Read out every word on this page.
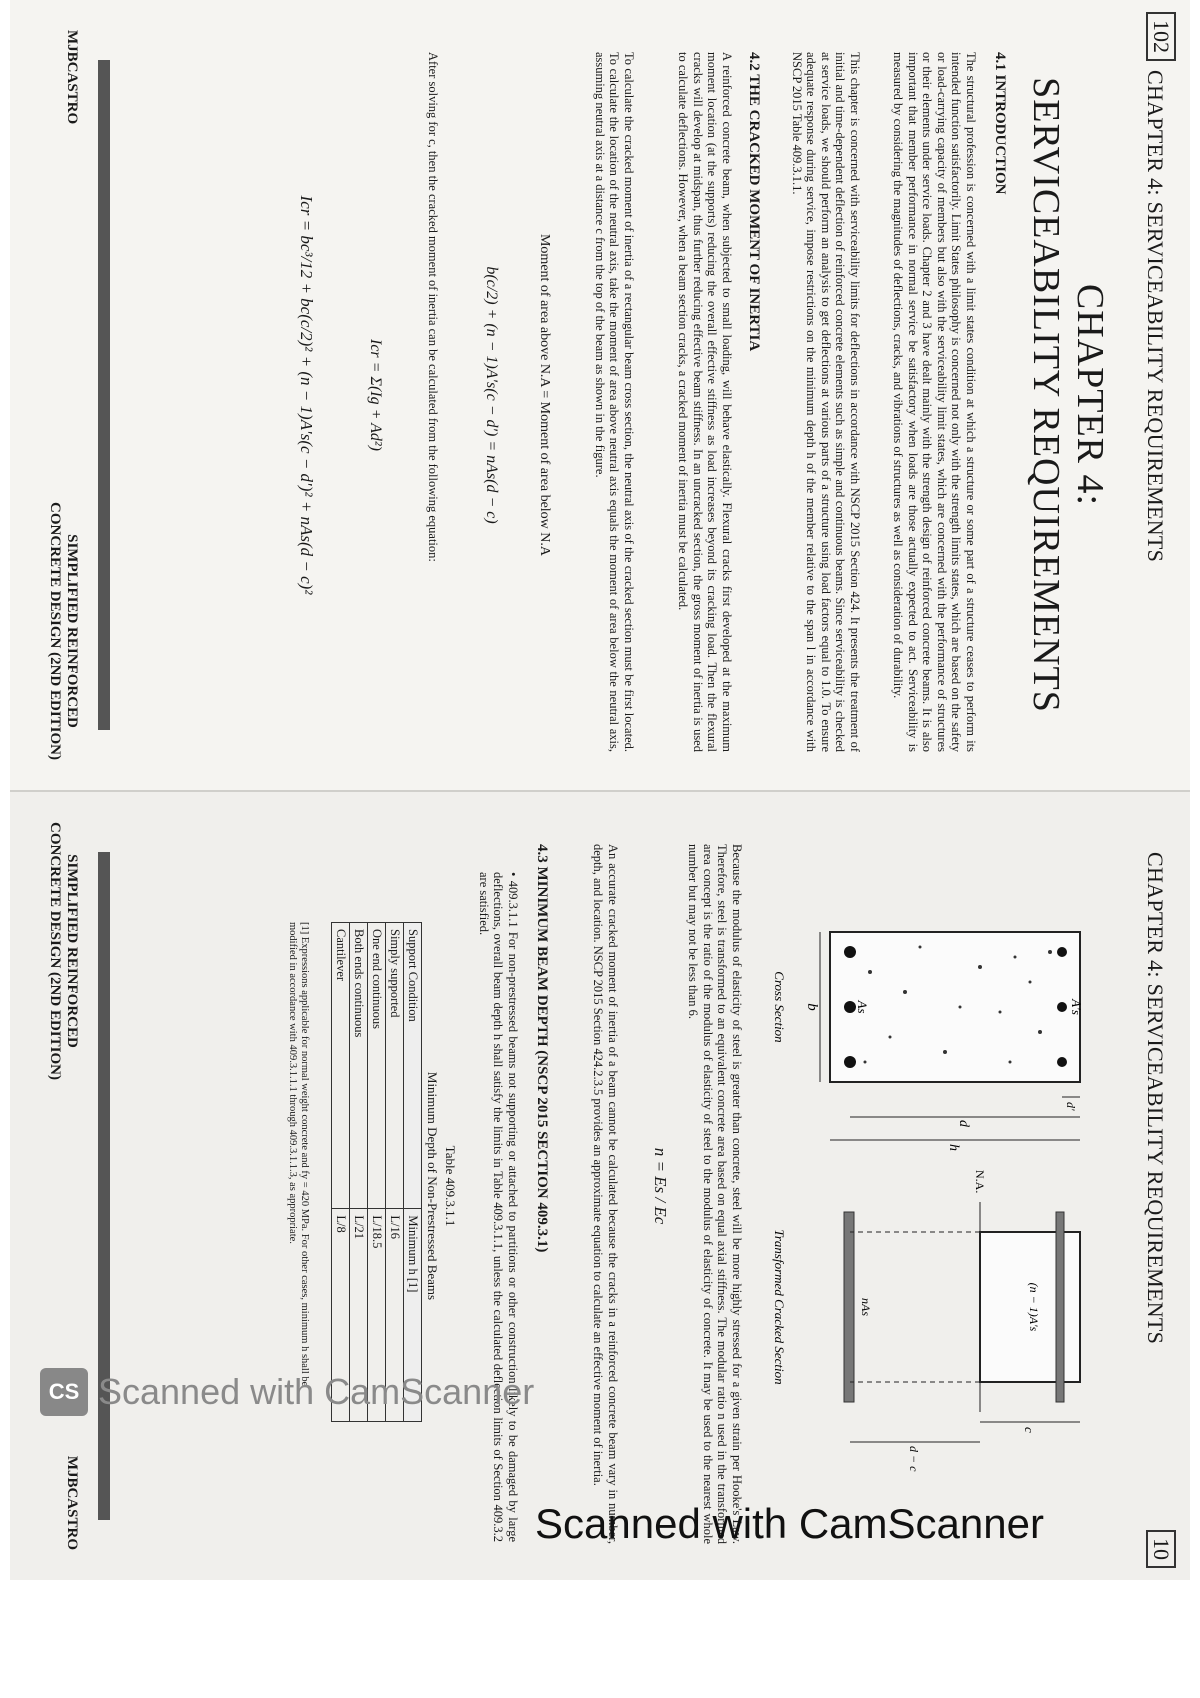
102
CHAPTER 4: SERVICEABILITY REQUIREMENTS
CHAPTER 4:
SERVICEABILITY REQUIREMENTS
4.1 INTRODUCTION
The structural profession is concerned with a limit states condition at which a structure or some part of a structure ceases to perform its intended function satisfactorily. Limit States philosophy is concerned not only with the strength limits states, which are based on the safety or load-carrying capacity of members but also with the serviceability limit states, which are concerned with the performance of structures or their elements under service loads. Chapter 2 and 3 have dealt mainly with the strength design of reinforced concrete beams. It is also important that member performance in normal service be satisfactory when loads are those actually expected to act. Serviceability is measured by considering the magnitudes of deflections, cracks, and vibrations of structures as well as consideration of durability.
This chapter is concerned with serviceability limits for deflections in accordance with NSCP 2015 Section 424. It presents the treatment of initial and time-dependent deflection of reinforced concrete elements such as simple and continuous beams. Since serviceability is checked at service loads, we should perform an analysis to get deflections at various parts of a structure using load factors equal to 1.0. To ensure adequate response during service, impose restrictions on the minimum depth h of the member relative to the span l in accordance with NSCP 2015 Table 409.3.1.1.
4.2 THE CRACKED MOMENT OF INERTIA
A reinforced concrete beam, when subjected to small loading, will behave elastically. Flexural cracks first developed at the maximum moment location (at the supports) reducing the overall effective stiffness as load increases beyond its cracking load. Then the flexural cracks will develop at midspan, thus further reducing effective beam stiffness. In an uncracked section, the gross moment of inertia is used to calculate deflections. However, when a beam section cracks, a cracked moment of inertia must be calculated.
To calculate the cracked moment of inertia of a rectangular beam cross section, the neutral axis of the cracked section must be first located. To calculate the location of the neutral axis, take the moment of area above neutral axis equals the moment of area below the neutral axis, assuming neutral axis at a distance c from the top of the beam as shown in the figure.
Moment of area above N.A = Moment of area below N.A
b(c/2) + (n − 1)A′s(c − d′) = nAs(d − c)
After solving for c, then the cracked moment of inertia can be calculated from the following equation:
Icr = Σ(Ig + Ad²)
Icr = bc³/12 + bc(c/2)² + (n − 1)A′s(c − d′)² + nAs(d − c)²
MJBCASTRO
SIMPLIFIED REINFORCED
CONCRETE DESIGN (2ND EDITION)
CHAPTER 4: SERVICEABILITY REQUIREMENTS
10
A′s
As
b
d′
d
h
Cross Section
N.A.
(n − 1)A′s
nAs
c
d − c
Transformed Cracked Section
Because the modulus of elasticity of steel is greater than concrete, steel will be more highly stressed for a given strain per Hooke's Law. Therefore, steel is transformed to an equivalent concrete area based on equal axial stiffness. The modular ratio n used in the transformed area concept is the ratio of the modulus of elasticity of steel to the modulus of elasticity of concrete. It may be used to the nearest whole number but may not be less than 6.
n = Es / Ec
An accurate cracked moment of inertia of a beam cannot be calculated because the cracks in a reinforced concrete beam vary in number, depth, and location. NSCP 2015 Section 424.2.3.5 provides an approximate equation to calculate an effective moment of inertia.
4.3 MINIMUM BEAM DEPTH (NSCP 2015 SECTION 409.3.1)
• 409.3.1.1 For non-prestressed beams not supporting or attached to partitions or other construction likely to be damaged by large deflections, overall beam depth h shall satisfy the limits in Table 409.3.1.1, unless the calculated deflection limits of Section 409.3.2 are satisfied.
Table 409.3.1.1
Minimum Depth of Non-Prestressed Beams
Support Condition	Minimum h [1]
Simply supported	L/16
One end continuous	L/18.5
Both ends continuous	L/21
Cantilever	L/8
[1] Expressions applicable for normal weight concrete and fy = 420 MPa. For other cases, minimum h shall be modified in accordance with 409.3.1.1.1 through 409.3.1.1.3, as appropriate.
SIMPLIFIED REINFORCED
CONCRETE DESIGN (2ND EDITION)
MJBCASTRO
CS Scanned with CamScanner
Scanned with CamScanner
